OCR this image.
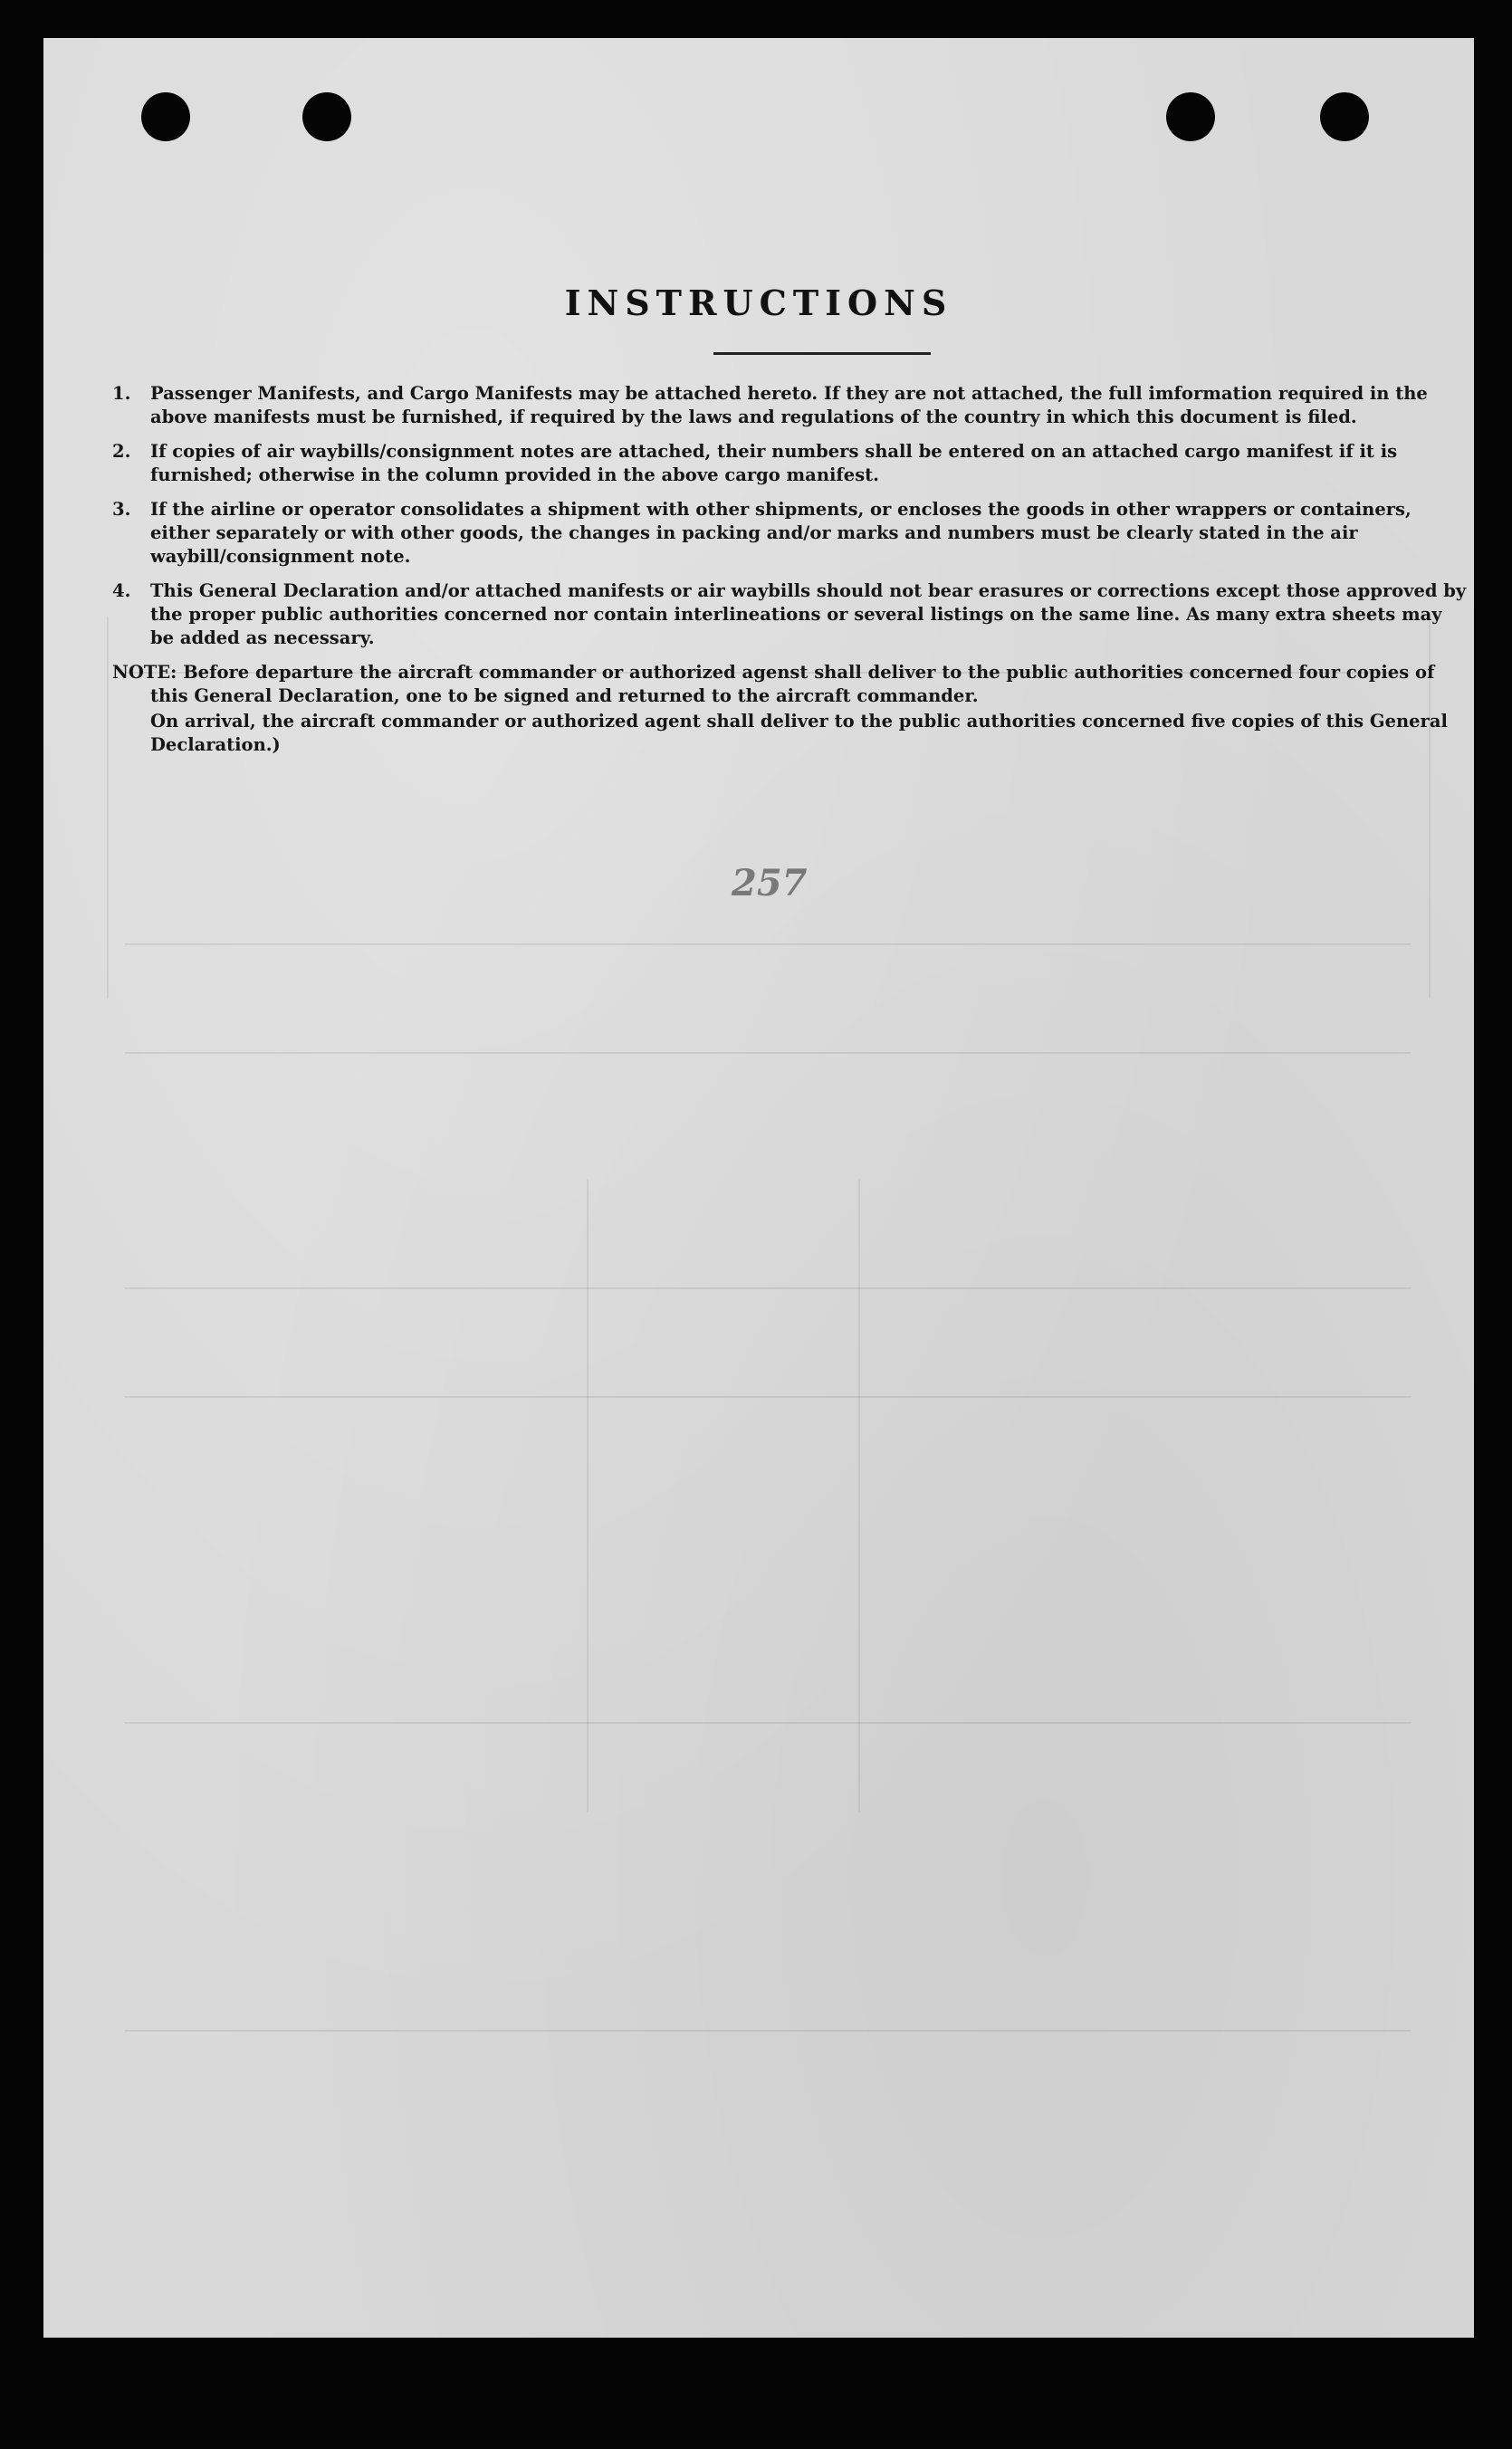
INSTRUCTIONS
1.	Passenger Manifests, and Cargo Manifests may be attached hereto. If they are not attached, the full imformation required in the above manifests must be furnished, if required by the laws and regulations of the country in which this document is filed.
2.	If copies of air waybills/consignment notes are attached, their numbers shall be entered on an attached cargo manifest if it is furnished; otherwise in the column provided in the above cargo manifest.
3.	If the airline or operator consolidates a shipment with other shipments, or encloses the goods in other wrappers or containers, either separately or with other goods, the changes in packing and/or marks and numbers must be clearly stated in the air waybill/consignment note.
4.	This General Declaration and/or attached manifests or air waybills should not bear erasures or corrections except those approved by the proper public authorities concerned nor contain interlineations or several listings on the same line. As many extra sheets may be added as necessary.
NOTE: Before departure the aircraft commander or authorized agenst shall deliver to the public authorities concerned four copies of
this General Declaration, one to be signed and returned to the aircraft commander.
On arrival, the aircraft commander or authorized agent shall deliver to the public authorities concerned five copies of this General Declaration.)
257
